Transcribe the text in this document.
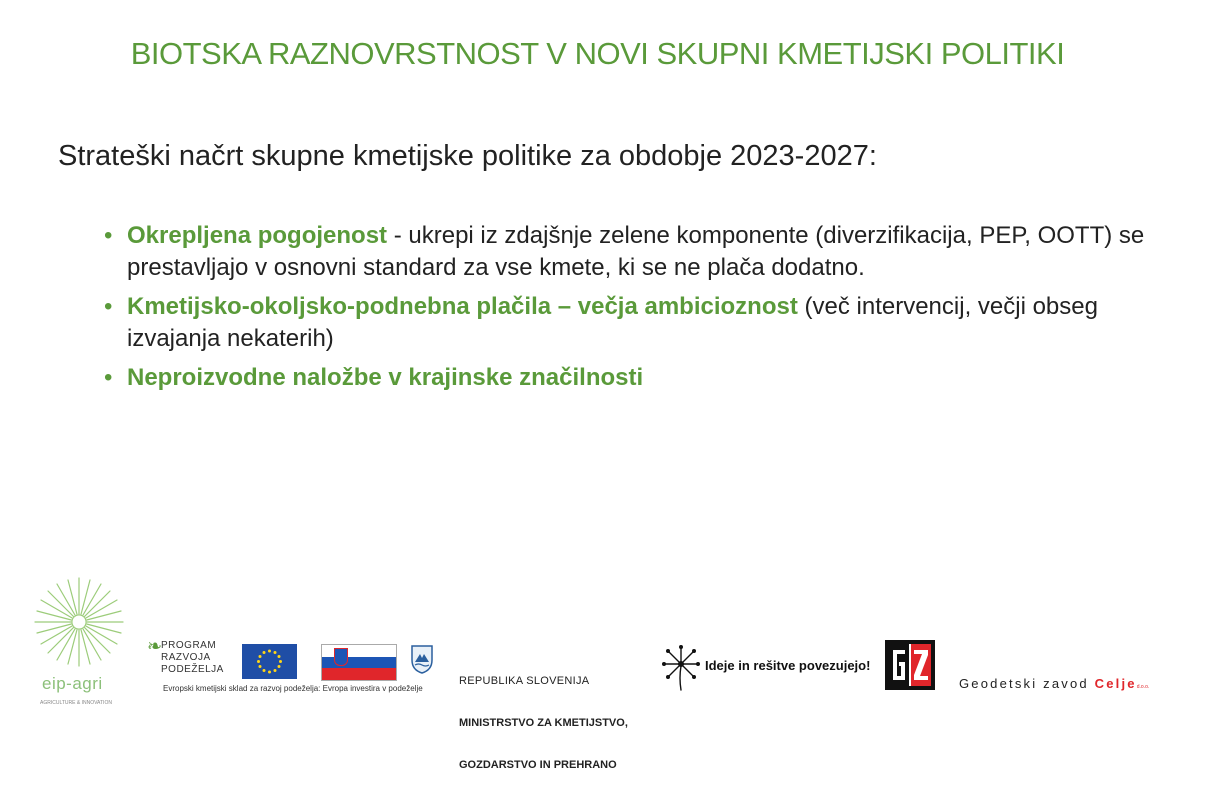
BIOTSKA RAZNOVRSTNOST V NOVI SKUPNI KMETIJSKI POLITIKI

Strateški načrt skupne kmetijske politike za obdobje 2023-2027:

• Okrepljena pogojenost - ukrepi iz zdajšnje zelene komponente (diverzifikacija, PEP, OOTT) se prestavljajo v osnovni standard za vse kmete, ki se ne plača dodatno.
• Kmetijsko-okoljsko-podnebna plačila – večja ambicioznost (več intervencij, večji obseg izvajanja nekaterih)
• Neproizvodne naložbe v krajinske značilnosti
eip-agri
AGRICULTURE & INNOVATION
❧
PROGRAM
RAZVOJA
PODEŽELJA
Evropski kmetijski sklad za razvoj podeželja: Evropa investira v podeželje

REPUBLIKA SLOVENIJA

MINISTRSTVO ZA KMETIJSTVO,

GOZDARSTVO IN PREHRANO

Ideje in rešitve povezujejo!
Geodetski zavod Celjed.o.o.
